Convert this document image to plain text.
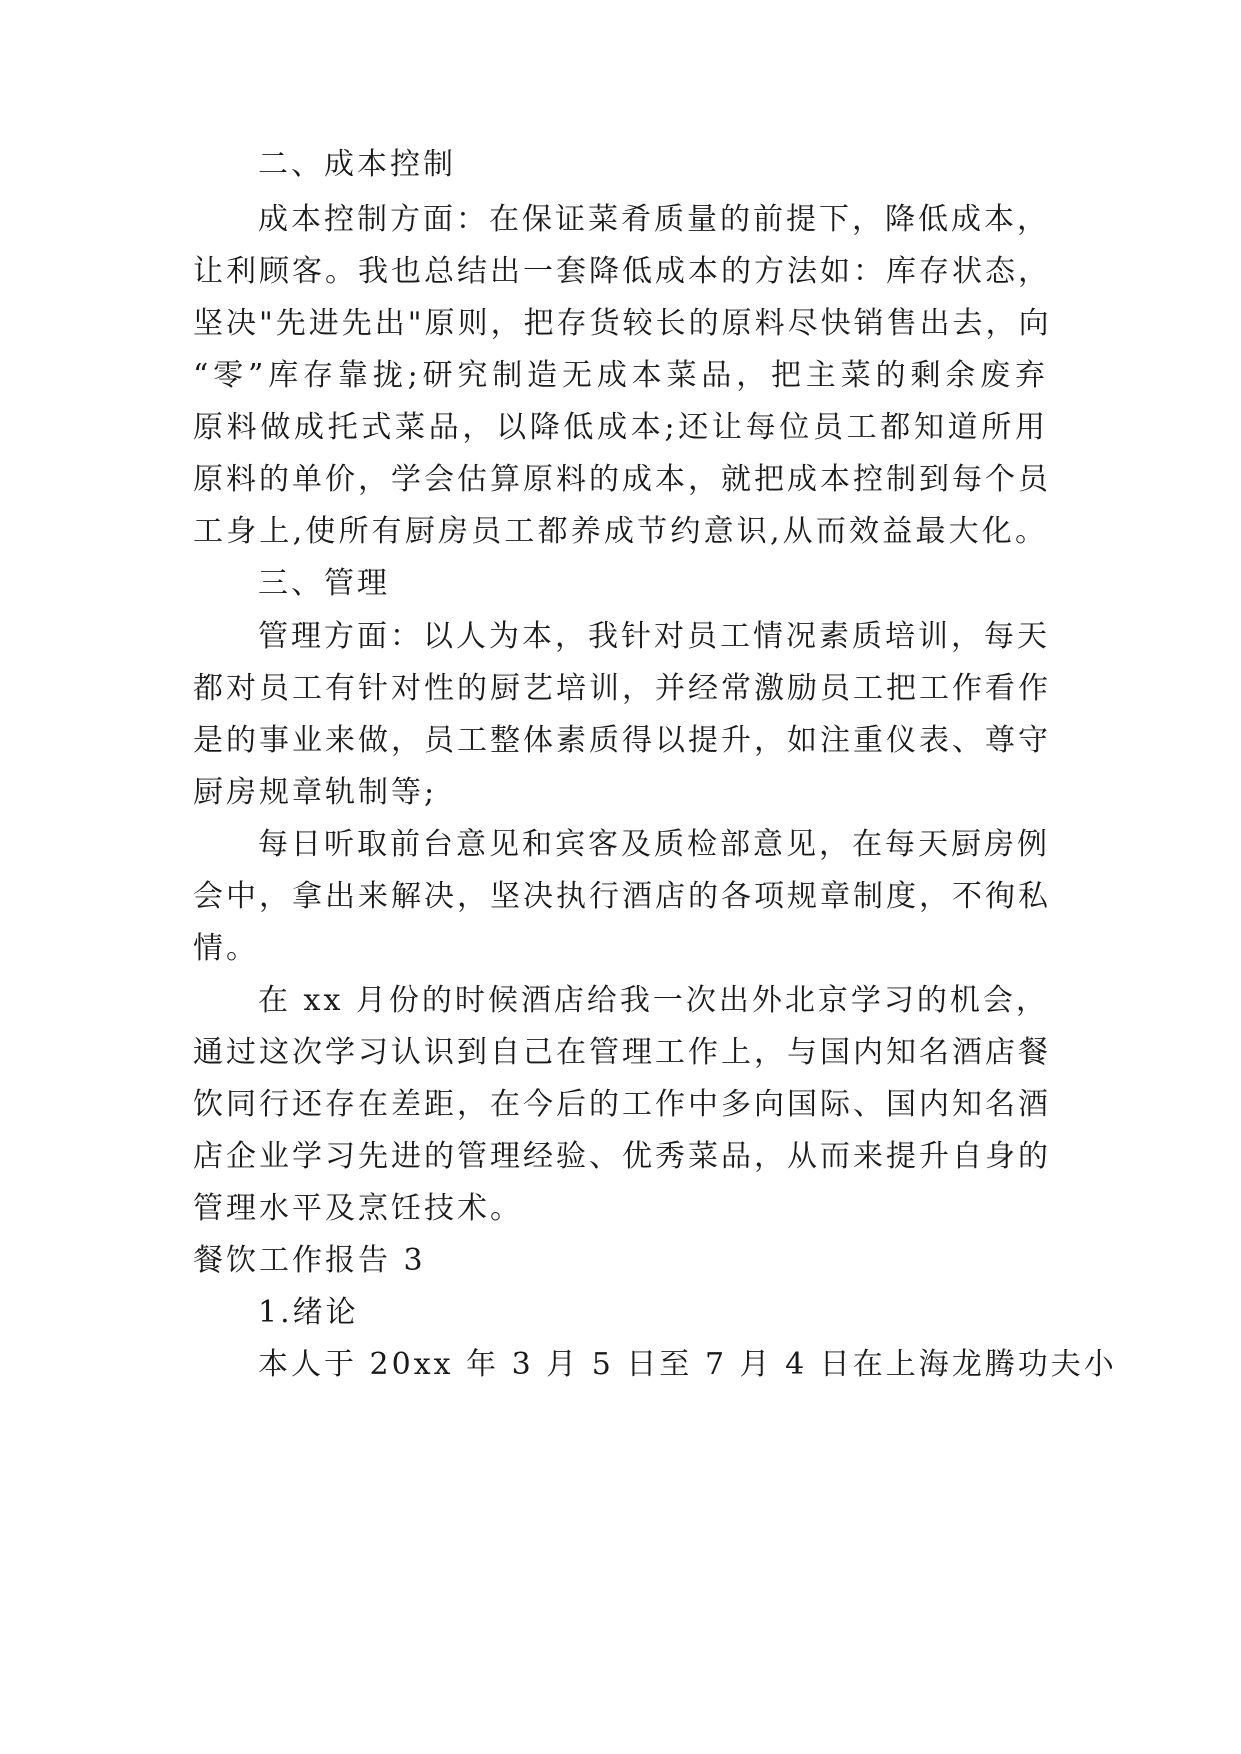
二、成本控制
成本控制方面：在保证菜肴质量的前提下，降低成本，
让利顾客。我也总结出一套降低成本的方法如：库存状态，
坚决"先进先出"原则，把存货较长的原料尽快销售出去，向
“零”库存靠拢;研究制造无成本菜品，把主菜的剩余废弃
原料做成托式菜品，以降低成本;还让每位员工都知道所用
原料的单价，学会估算原料的成本，就把成本控制到每个员
工身上,使所有厨房员工都养成节约意识,从而效益最大化。
三、管理
管理方面：以人为本，我针对员工情况素质培训，每天
都对员工有针对性的厨艺培训，并经常激励员工把工作看作
是的事业来做，员工整体素质得以提升，如注重仪表、尊守
厨房规章轨制等;
每日听取前台意见和宾客及质检部意见，在每天厨房例
会中，拿出来解决，坚决执行酒店的各项规章制度，不徇私
情。
在 xx 月份的时候酒店给我一次出外北京学习的机会，
通过这次学习认识到自己在管理工作上，与国内知名酒店餐
饮同行还存在差距，在今后的工作中多向国际、国内知名酒
店企业学习先进的管理经验、优秀菜品，从而来提升自身的
管理水平及烹饪技术。
餐饮工作报告 3
1.绪论
本人于 20xx 年 3 月 5 日至 7 月 4 日在上海龙腾功夫小
